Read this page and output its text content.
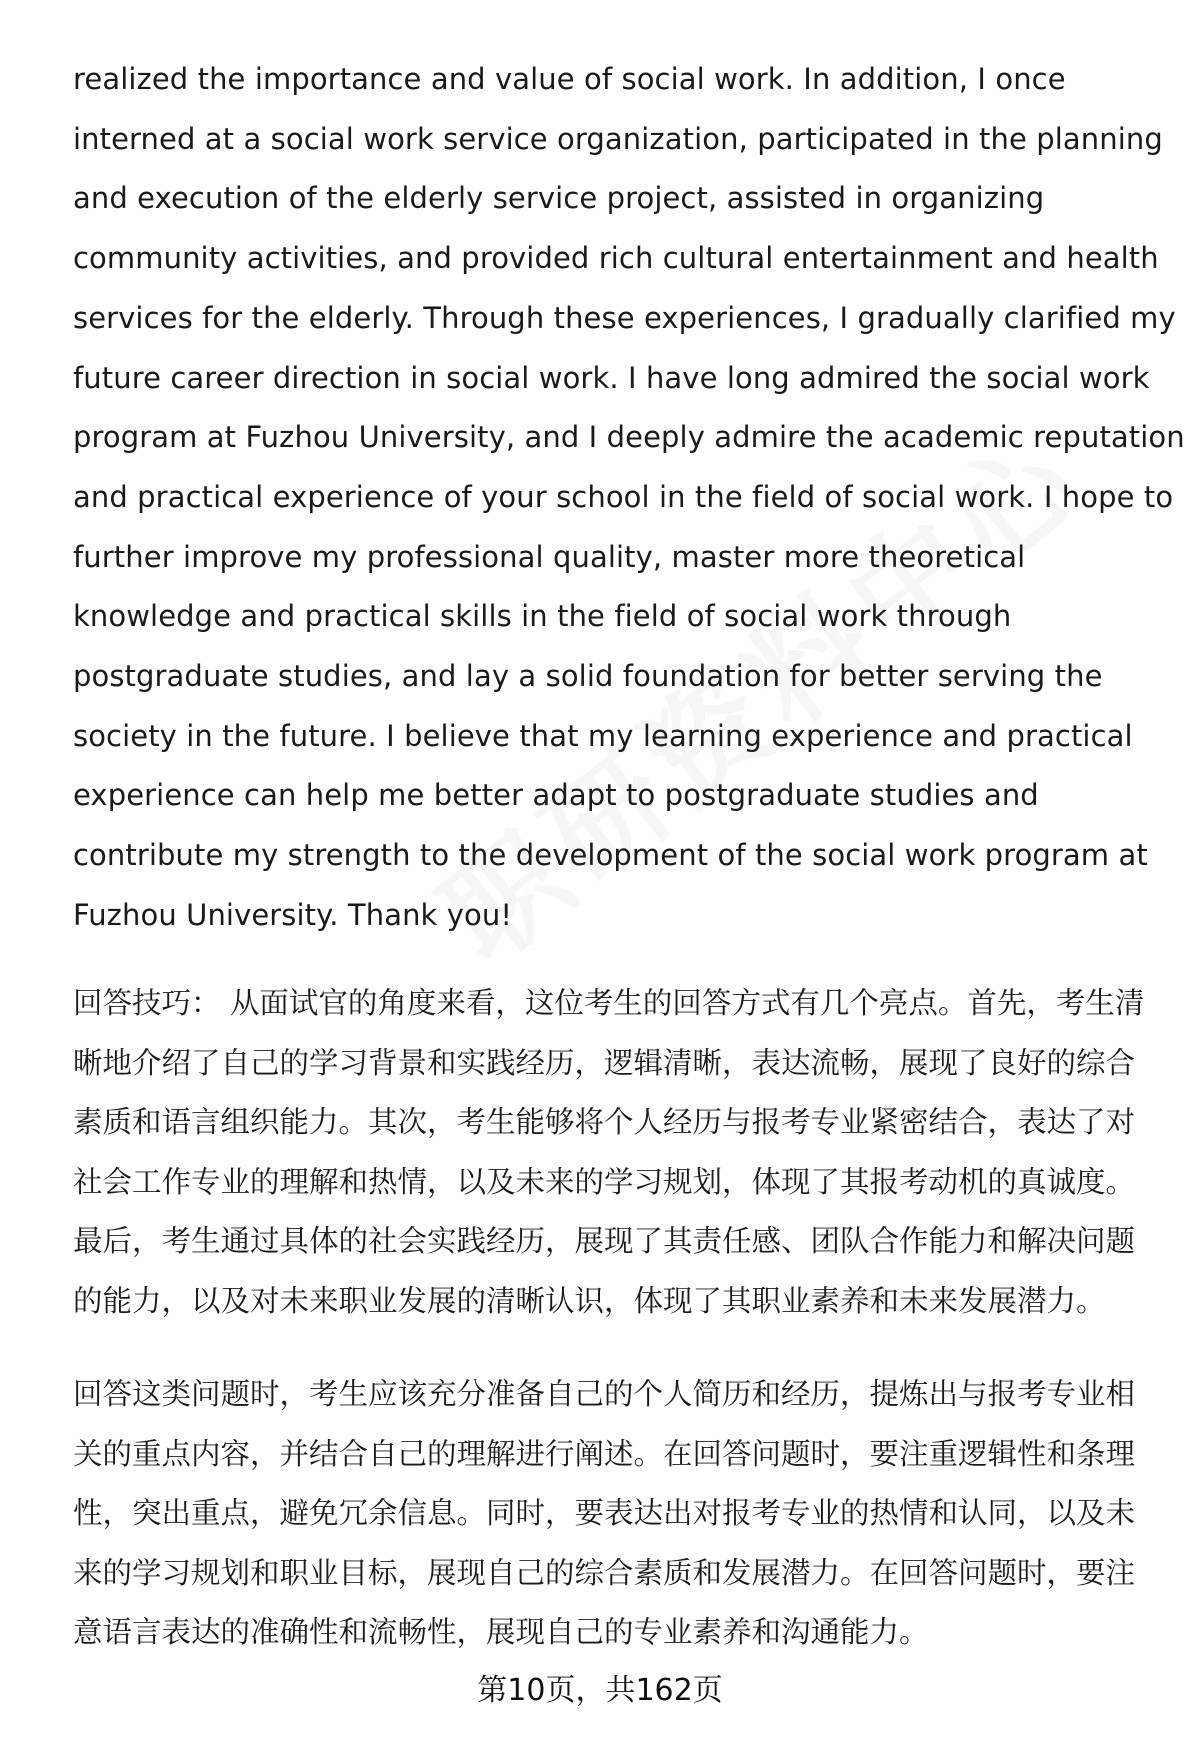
realized the importance and value of social work. In addition, I once
interned at a social work service organization, participated in the planning
and execution of the elderly service project, assisted in organizing
community activities, and provided rich cultural entertainment and health
services for the elderly. Through these experiences, I gradually clarified my
future career direction in social work. I have long admired the social work
program at Fuzhou University, and I deeply admire the academic reputation
and practical experience of your school in the field of social work. I hope to
further improve my professional quality, master more theoretical
knowledge and practical skills in the field of social work through
postgraduate studies, and lay a solid foundation for better serving the
society in the future. I believe that my learning experience and practical
experience can help me better adapt to postgraduate studies and
contribute my strength to the development of the social work program at
Fuzhou University. Thank you!
回答技巧： 从面试官的角度来看，这位考生的回答方式有几个亮点。首先，考生清
晰地介绍了自己的学习背景和实践经历，逻辑清晰，表达流畅，展现了良好的综合
素质和语言组织能力。其次，考生能够将个人经历与报考专业紧密结合，表达了对
社会工作专业的理解和热情，以及未来的学习规划，体现了其报考动机的真诚度。
最后，考生通过具体的社会实践经历，展现了其责任感、团队合作能力和解决问题
的能力，以及对未来职业发展的清晰认识，体现了其职业素养和未来发展潜力。
回答这类问题时，考生应该充分准备自己的个人简历和经历，提炼出与报考专业相
关的重点内容，并结合自己的理解进行阐述。在回答问题时，要注重逻辑性和条理
性，突出重点，避免冗余信息。同时，要表达出对报考专业的热情和认同，以及未
来的学习规划和职业目标，展现自己的综合素质和发展潜力。在回答问题时，要注
意语言表达的准确性和流畅性，展现自己的专业素养和沟通能力。
第10页，共162页
